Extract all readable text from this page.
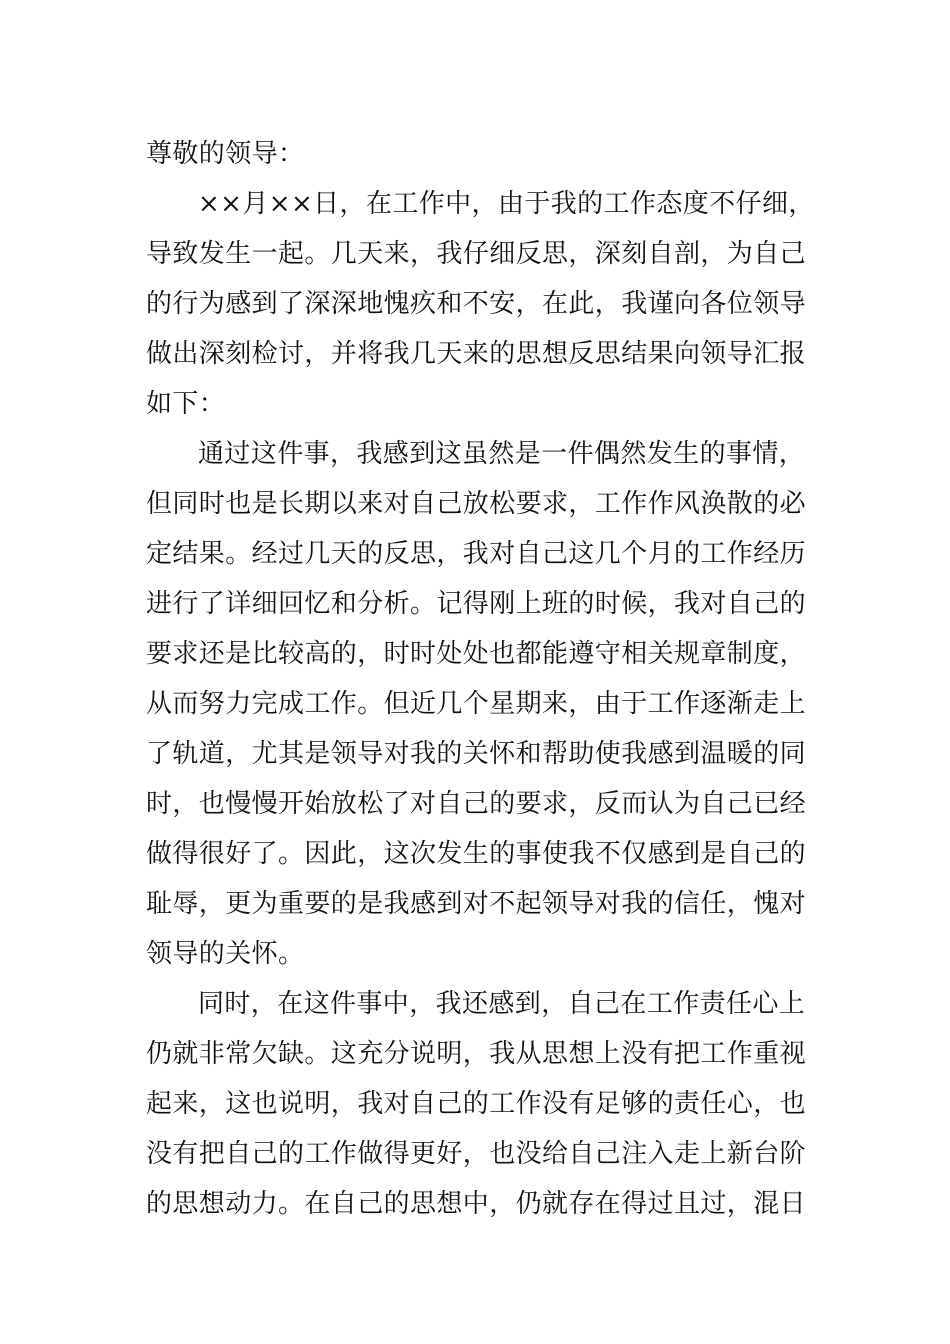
尊敬的领导：
××月××日，在工作中，由于我的工作态度不仔细，
导致发生一起。几天来，我仔细反思，深刻自剖，为自己
的行为感到了深深地愧疚和不安，在此，我谨向各位领导
做出深刻检讨，并将我几天来的思想反思结果向领导汇报
如下：
通过这件事，我感到这虽然是一件偶然发生的事情，
但同时也是长期以来对自己放松要求，工作作风涣散的必
定结果。经过几天的反思，我对自己这几个月的工作经历
进行了详细回忆和分析。记得刚上班的时候，我对自己的
要求还是比较高的，时时处处也都能遵守相关规章制度，
从而努力完成工作。但近几个星期来，由于工作逐渐走上
了轨道，尤其是领导对我的关怀和帮助使我感到温暖的同
时，也慢慢开始放松了对自己的要求，反而认为自己已经
做得很好了。因此，这次发生的事使我不仅感到是自己的
耻辱，更为重要的是我感到对不起领导对我的信任，愧对
领导的关怀。
同时，在这件事中，我还感到，自己在工作责任心上
仍就非常欠缺。这充分说明，我从思想上没有把工作重视
起来，这也说明，我对自己的工作没有足够的责任心，也
没有把自己的工作做得更好，也没给自己注入走上新台阶
的思想动力。在自己的思想中，仍就存在得过且过，混日
